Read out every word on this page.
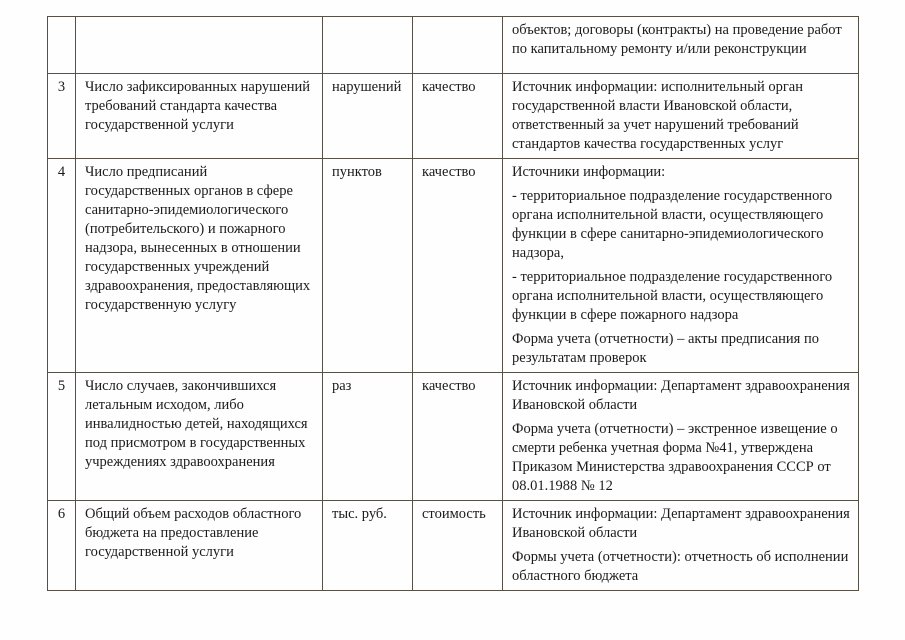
				объектов; договоры (контракты) на проведение работ по капитальному ремонту и/или реконструкции

3	Число зафиксированных нарушений требований стандарта качества государственной услуги	нарушений	качество	Источник информации: исполнительный орган государственной власти Ивановской области, ответственный за учет нарушений требований стандартов качества государственных услуг

4	Число предписаний государственных органов в сфере санитарно-эпидемиологического (потребительского) и пожарного надзора, вынесенных в отношении государственных учреждений здравоохранения, предоставляющих государственную услугу	пунктов	качество	Источники информации:

- территориальное подразделение государственного органа исполнительной власти, осуществляющего функции в сфере санитарно-эпидемиологического надзора,

- территориальное подразделение государственного органа исполнительной власти, осуществляющего функции в сфере пожарного надзора

Форма учета (отчетности) – акты предписания по результатам проверок

5	Число случаев, закончившихся летальным исходом, либо инвалидностью детей, находящихся под присмотром в государственных учреждениях здравоохранения	раз	качество	Источник информации: Департамент здравоохранения Ивановской области

Форма учета (отчетности) – экстренное извещение о смерти ребенка учетная форма №41, утверждена Приказом Министерства здравоохранения СССР от 08.01.1988 № 12

6	Общий объем расходов областного бюджета на предоставление государственной услуги	тыс. руб.	стоимость	Источник информации: Департамент здравоохранения Ивановской области

Формы учета (отчетности): отчетность об исполнении областного бюджета
